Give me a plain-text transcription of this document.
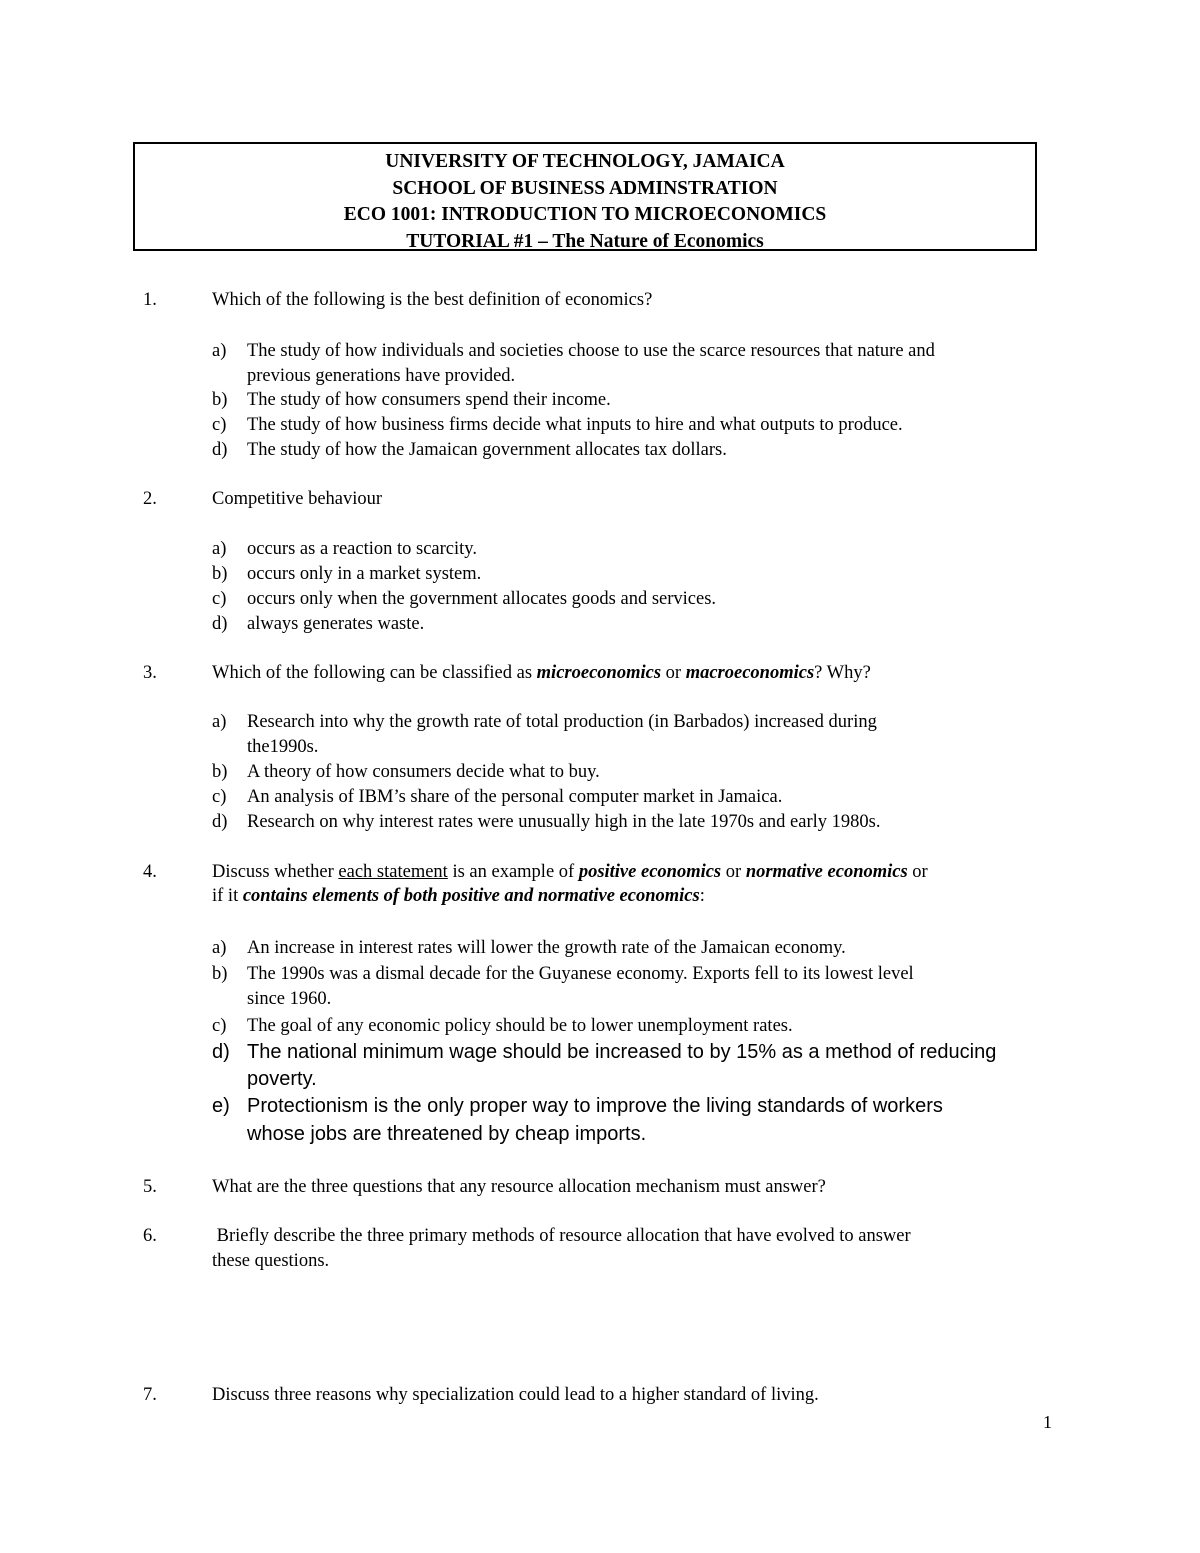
UNIVERSITY OF TECHNOLOGY, JAMAICA
SCHOOL OF BUSINESS ADMINSTRATION
ECO 1001: INTRODUCTION TO MICROECONOMICS
TUTORIAL #1 – The Nature of Economics
1.	Which of the following is the best definition of economics?
a) The study of how individuals and societies choose to use the scarce resources that nature and
previous generations have provided.
b) The study of how consumers spend their income.
c) The study of how business firms decide what inputs to hire and what outputs to produce.
d) The study of how the Jamaican government allocates tax dollars.
2.	Competitive behaviour
a) occurs as a reaction to scarcity.
b) occurs only in a market system.
c) occurs only when the government allocates goods and services.
d) always generates waste.
3.	Which of the following can be classified as microeconomics or macroeconomics? Why?
a) Research into why the growth rate of total production (in Barbados) increased during
the1990s.
b) A theory of how consumers decide what to buy.
c) An analysis of IBM’s share of the personal computer market in Jamaica.
d) Research on why interest rates were unusually high in the late 1970s and early 1980s.
4.	Discuss whether each statement is an example of positive economics or normative economics or
if it contains elements of both positive and normative economics:
a) An increase in interest rates will lower the growth rate of the Jamaican economy.
b) The 1990s was a dismal decade for the Guyanese economy. Exports fell to its lowest level
since 1960.
c) The goal of any economic policy should be to lower unemployment rates.
d) The national minimum wage should be increased to by 15% as a method of reducing
poverty.
e) Protectionism is the only proper way to improve the living standards of workers
whose jobs are threatened by cheap imports.
5.	What are the three questions that any resource allocation mechanism must answer?
6.	Briefly describe the three primary methods of resource allocation that have evolved to answer
these questions.
7.	Discuss three reasons why specialization could lead to a higher standard of living.
1
